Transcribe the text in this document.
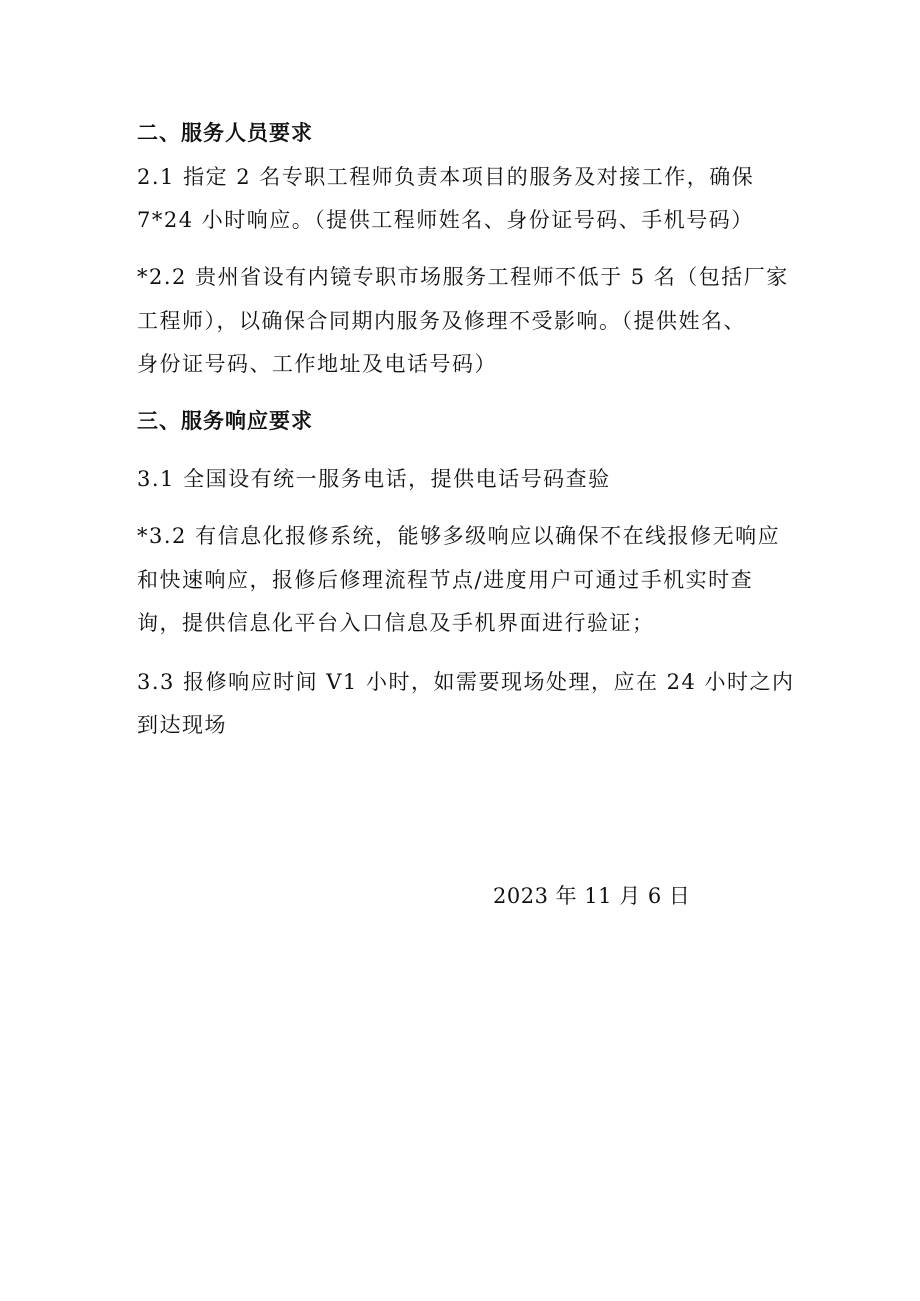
二、服务人员要求
2.1 指定 2 名专职工程师负责本项目的服务及对接工作，确保
7*24 小时响应。（提供工程师姓名、身份证号码、手机号码）
*2.2 贵州省设有内镜专职市场服务工程师不低于 5 名（包括厂家
工程师），以确保合同期内服务及修理不受影响。（提供姓名、
身份证号码、工作地址及电话号码）
三、服务响应要求
3.1 全国设有统一服务电话，提供电话号码查验
*3.2 有信息化报修系统，能够多级响应以确保不在线报修无响应
和快速响应，报修后修理流程节点/进度用户可通过手机实时查
询，提供信息化平台入口信息及手机界面进行验证；
3.3 报修响应时间 V1 小时，如需要现场处理，应在 24 小时之内
到达现场
2023 年 11 月 6 日
